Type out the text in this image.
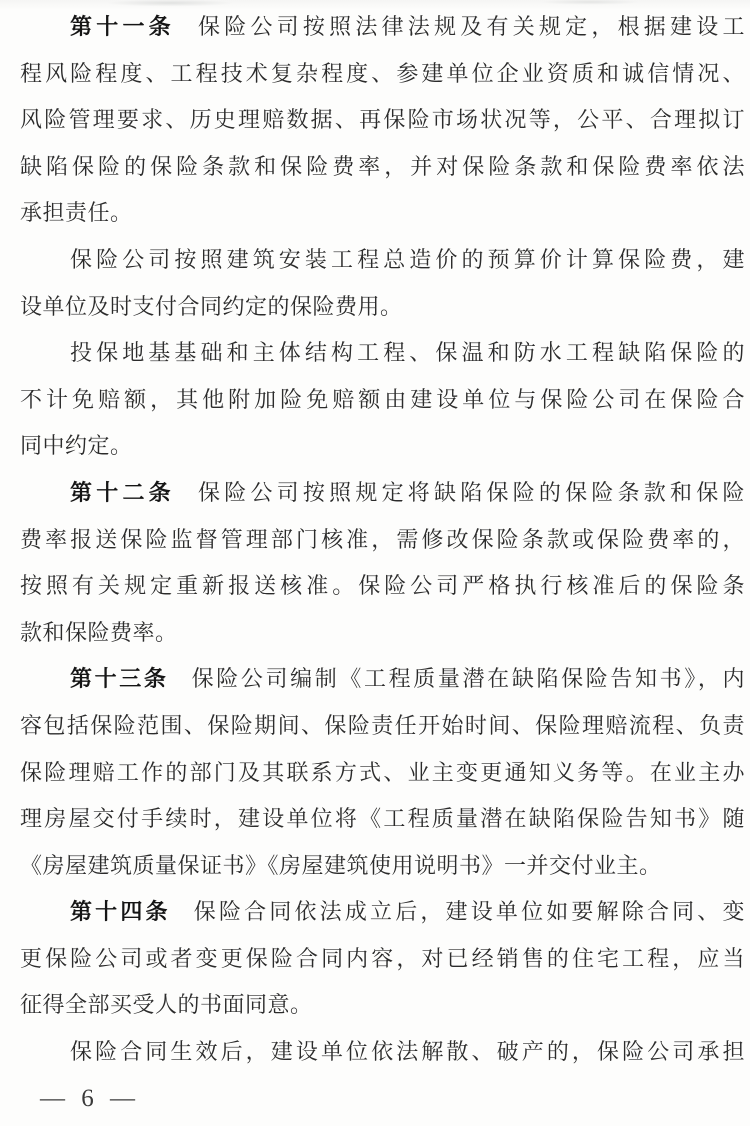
第十一条 保险公司按照法律法规及有关规定，根据建设工
程风险程度、工程技术复杂程度、参建单位企业资质和诚信情况、
风险管理要求、历史理赔数据、再保险市场状况等，公平、合理拟订
缺陷保险的保险条款和保险费率，并对保险条款和保险费率依法
承担责任。
保险公司按照建筑安装工程总造价的预算价计算保险费，建
设单位及时支付合同约定的保险费用。
投保地基基础和主体结构工程、保温和防水工程缺陷保险的
不计免赔额，其他附加险免赔额由建设单位与保险公司在保险合
同中约定。
第十二条 保险公司按照规定将缺陷保险的保险条款和保险
费率报送保险监督管理部门核准，需修改保险条款或保险费率的，
按照有关规定重新报送核准。保险公司严格执行核准后的保险条
款和保险费率。
第十三条 保险公司编制《工程质量潜在缺陷保险告知书》，内
容包括保险范围、保险期间、保险责任开始时间、保险理赔流程、负责
保险理赔工作的部门及其联系方式、业主变更通知义务等。在业主办
理房屋交付手续时，建设单位将《工程质量潜在缺陷保险告知书》随
《房屋建筑质量保证书》《房屋建筑使用说明书》一并交付业主。
第十四条 保险合同依法成立后，建设单位如要解除合同、变
更保险公司或者变更保险合同内容，对已经销售的住宅工程，应当
征得全部买受人的书面同意。
保险合同生效后，建设单位依法解散、破产的，保险公司承担
— 6 —
